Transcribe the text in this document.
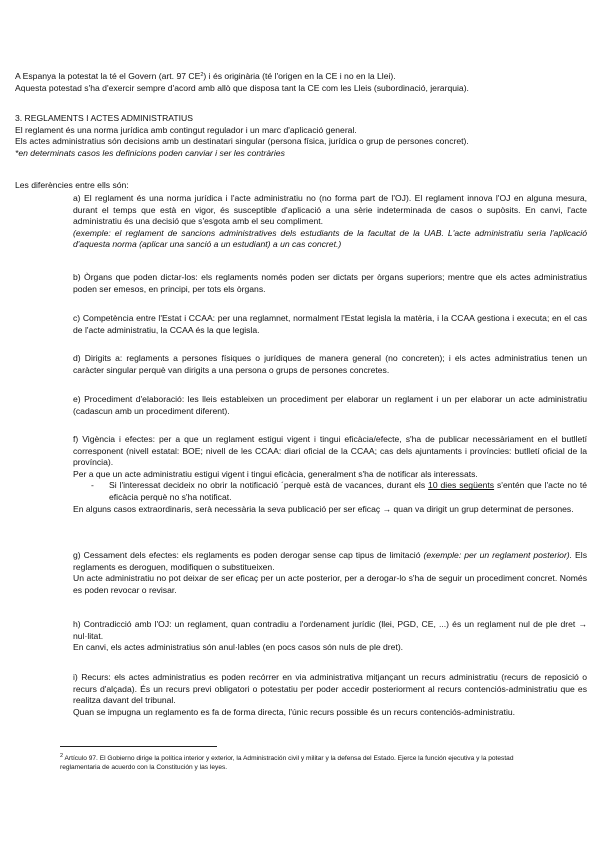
A Espanya la potestat la té el Govern (art. 97 $CE^2$) i és originària (té l'origen en la CE i no en la Llei).

Aquesta potestad s'ha d'exercir sempre d'acord amb allò que disposa tant la CE com les Lleis (subordinació, jerarquia).

3. REGLAMENTS I ACTES ADMINISTRATIUS

El reglament és una norma jurídica amb contingut regulador i un marc d'aplicació general.

Els actes administratius són decisions amb un destinatari singular (persona física, jurídica o grup de persones concret).

*en determinats casos les definicions poden canviar i ser les contràries

Les diferències entre ells són:

a) El reglament és una norma jurídica i l'acte administratiu no (no forma part de l'OJ). El reglament innova l'OJ en alguna mesura, durant el temps que està en vigor, és susceptible d'aplicació a una sèrie indeterminada de casos o supòsits. En canvi, l'acte administratiu és una decisió que s'esgota amb el seu compliment.

(exemple: el reglament de sancions administratives dels estudiants de la facultat de la UAB. L'acte administratiu seria l'aplicació d'aquesta norma (aplicar una sanció a un estudiant) a un cas concret.)

b) Òrgans que poden dictar-los: els reglaments només poden ser dictats per òrgans superiors; mentre que els actes administratius poden ser emesos, en principi, per tots els òrgans.
c) Competència entre l'Estat i CCAA: per una reglamnet, normalment l'Estat legisla la matèria, i la CCAA gestiona i executa; en el cas de l'acte administratiu, la CCAA és la que legisla.
d) Dirigits a: reglaments a persones físiques o jurídiques de manera general (no concreten); i els actes administratius tenen un caràcter singular perquè van dirigits a una persona o grups de persones concretes.
e) Procediment d'elaboració: les lleis estableixen un procediment per elaborar un reglament i un per elaborar un acte administratiu (cadascun amb un procediment diferent).

f) Vigència i efectes: per a que un reglament estigui vigent i tingui eficàcia/efecte, s'ha de publicar necessàriament en el butlletí corresponent (nivell estatal: BOE; nivell de les CCAA: diari oficial de la CCAA; cas dels ajuntaments i províncies: butlletí oficial de la província).

Per a que un acte administratiu estigui vigent i tingui eficàcia, generalment s'ha de notificar als interessats.

-	Si l'interessat decideix no obrir la notificació ´perquè està de vacances, durant els 10 dies següents s'entén que l'acte no té eficàcia perquè no s'ha notificat.

En alguns casos extraordinaris, serà necessària la seva publicació per ser eficaç → quan va dirigit un grup determinat de persones.

g) Cessament dels efectes: els reglaments es poden derogar sense cap tipus de limitació (exemple: per un reglament posterior). Els reglaments es deroguen, modifiquen o substitueixen.

Un acte administratiu no pot deixar de ser eficaç per un acte posterior, per a derogar-lo s'ha de seguir un procediment concret. Només es poden revocar o revisar.

h) Contradicció amb l'OJ: un reglament, quan contradiu a l'ordenament jurídic (llei, PGD, CE, ...) és un reglament nul de ple dret → nul·litat.

En canvi, els actes administratius són anul·lables (en pocs casos són nuls de ple dret).

i) Recurs: els actes administratius es poden recórrer en via administrativa mitjançant un recurs administratiu (recurs de reposició o recurs d'alçada). És un recurs previ obligatori o potestatiu per poder accedir posteriorment al recurs contenciós-administratiu que es realitza davant del tribunal.

Quan se impugna un reglamento es fa de forma directa, l'únic recurs possible és un recurs contenciós-administratiu.

$^2$ Artículo 97. El Gobierno dirige la política interior y exterior, la Administración civil y militar y la defensa del Estado. Ejerce la función ejecutiva y la potestad reglamentaria de acuerdo con la Constitución y las leyes.
